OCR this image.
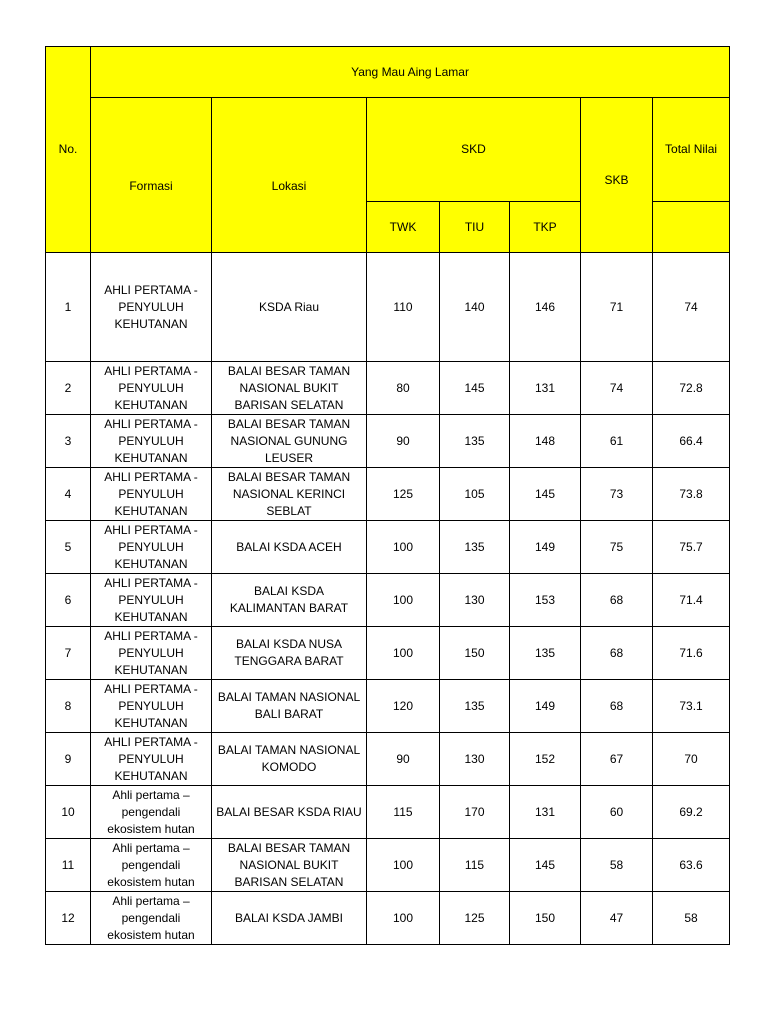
No.	Yang Mau Aing Lamar						
	Formasi	Lokasi	SKD			SKB	Total Nilai
			TWK	TIU	TKP		
1	AHLI PERTAMA - PENYULUH KEHUTANAN	KSDA Riau	110	140	146	71	74
2	AHLI PERTAMA - PENYULUH KEHUTANAN	BALAI BESAR TAMAN NASIONAL BUKIT BARISAN SELATAN	80	145	131	74	72.8
3	AHLI PERTAMA - PENYULUH KEHUTANAN	BALAI BESAR TAMAN NASIONAL GUNUNG LEUSER	90	135	148	61	66.4
4	AHLI PERTAMA - PENYULUH KEHUTANAN	BALAI BESAR TAMAN NASIONAL KERINCI SEBLAT	125	105	145	73	73.8
5	AHLI PERTAMA - PENYULUH KEHUTANAN	BALAI KSDA ACEH	100	135	149	75	75.7
6	AHLI PERTAMA - PENYULUH KEHUTANAN	BALAI KSDA KALIMANTAN BARAT	100	130	153	68	71.4
7	AHLI PERTAMA - PENYULUH KEHUTANAN	BALAI KSDA NUSA TENGGARA BARAT	100	150	135	68	71.6
8	AHLI PERTAMA - PENYULUH KEHUTANAN	BALAI TAMAN NASIONAL BALI BARAT	120	135	149	68	73.1
9	AHLI PERTAMA - PENYULUH KEHUTANAN	BALAI TAMAN NASIONAL KOMODO	90	130	152	67	70
10	Ahli pertama – pengendali ekosistem hutan	BALAI BESAR KSDA RIAU	115	170	131	60	69.2
11	Ahli pertama – pengendali ekosistem hutan	BALAI BESAR TAMAN NASIONAL BUKIT BARISAN SELATAN	100	115	145	58	63.6
12	Ahli pertama – pengendali ekosistem hutan	BALAI KSDA JAMBI	100	125	150	47	58
